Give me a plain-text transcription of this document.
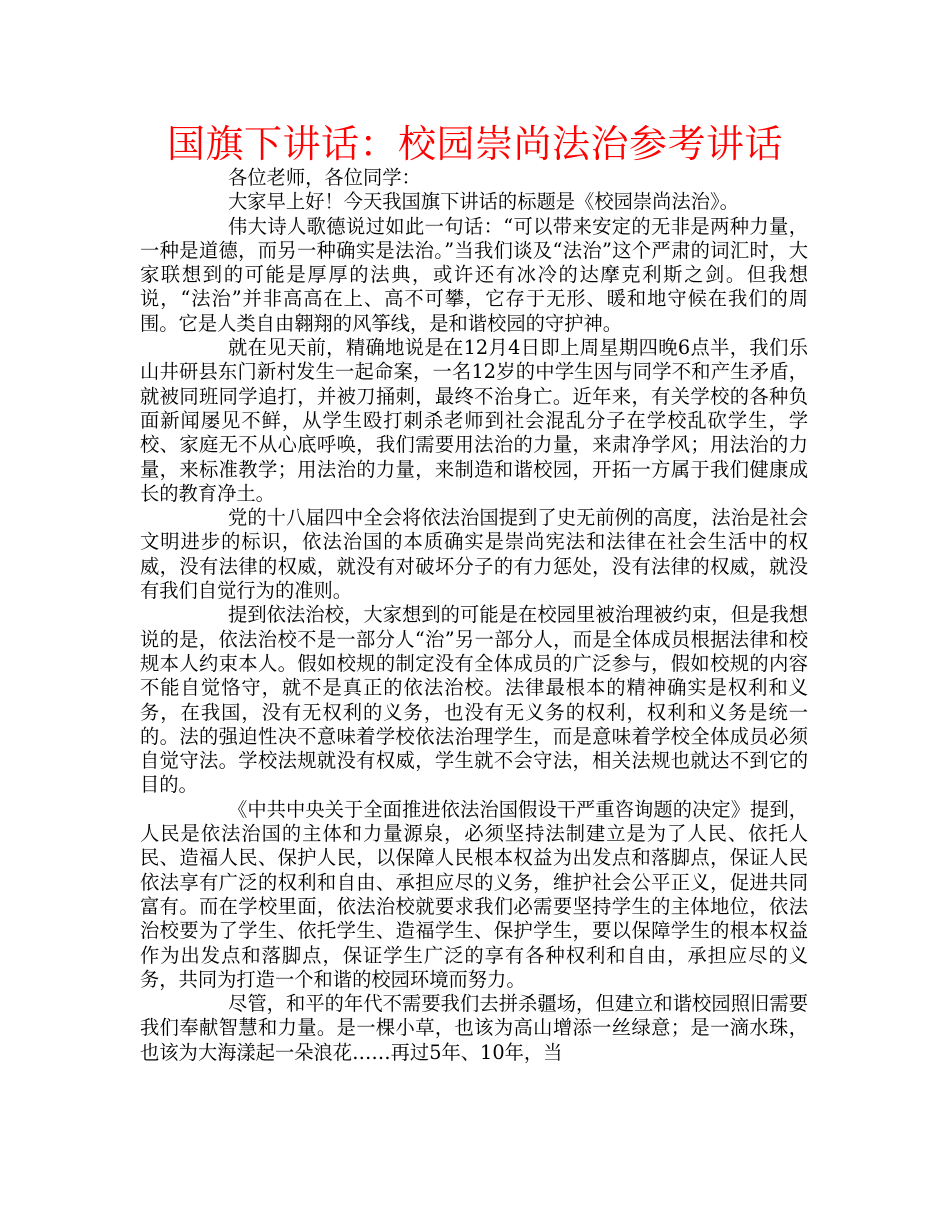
国旗下讲话：校园崇尚法治参考讲话

各位老师，各位同学：

大家早上好！今天我国旗下讲话的标题是《校园崇尚法治》。

伟大诗人歌德说过如此一句话：“可以带来安定的无非是两种力量，一种是道德，而另一种确实是法治。”当我们谈及“法治”这个严肃的词汇时，大家联想到的可能是厚厚的法典，或许还有冰冷的达摩克利斯之剑。但我想说，“法治”并非高高在上、高不可攀，它存于无形、暖和地守候在我们的周围。它是人类自由翱翔的风筝线，是和谐校园的守护神。

就在见天前，精确地说是在12月4日即上周星期四晚6点半，我们乐山井研县东门新村发生一起命案，一名12岁的中学生因与同学不和产生矛盾，就被同班同学追打，并被刀捅刺，最终不治身亡。近年来，有关学校的各种负面新闻屡见不鲜，从学生殴打刺杀老师到社会混乱分子在学校乱砍学生，学校、家庭无不从心底呼唤，我们需要用法治的力量，来肃净学风；用法治的力量，来标准教学；用法治的力量，来制造和谐校园，开拓一方属于我们健康成长的教育净土。

党的十八届四中全会将依法治国提到了史无前例的高度，法治是社会文明进步的标识，依法治国的本质确实是崇尚宪法和法律在社会生活中的权威，没有法律的权威，就没有对破坏分子的有力惩处，没有法律的权威，就没有我们自觉行为的准则。

提到依法治校，大家想到的可能是在校园里被治理被约束，但是我想说的是，依法治校不是一部分人“治”另一部分人，而是全体成员根据法律和校规本人约束本人。假如校规的制定没有全体成员的广泛参与，假如校规的内容不能自觉恪守，就不是真正的依法治校。法律最根本的精神确实是权利和义务，在我国，没有无权利的义务，也没有无义务的权利，权利和义务是统一的。法的强迫性决不意味着学校依法治理学生，而是意味着学校全体成员必须自觉守法。学校法规就没有权威，学生就不会守法，相关法规也就达不到它的目的。

《中共中央关于全面推进依法治国假设干严重咨询题的决定》提到，人民是依法治国的主体和力量源泉，必须坚持法制建立是为了人民、依托人民、造福人民、保护人民，以保障人民根本权益为出发点和落脚点，保证人民依法享有广泛的权利和自由、承担应尽的义务，维护社会公平正义，促进共同富有。而在学校里面，依法治校就要求我们必需要坚持学生的主体地位，依法治校要为了学生、依托学生、造福学生、保护学生，要以保障学生的根本权益作为出发点和落脚点，保证学生广泛的享有各种权利和自由，承担应尽的义务，共同为打造一个和谐的校园环境而努力。

尽管，和平的年代不需要我们去拼杀疆场，但建立和谐校园照旧需要我们奉献智慧和力量。是一棵小草，也该为高山增添一丝绿意；是一滴水珠，也该为大海漾起一朵浪花……再过5年、10年，当
